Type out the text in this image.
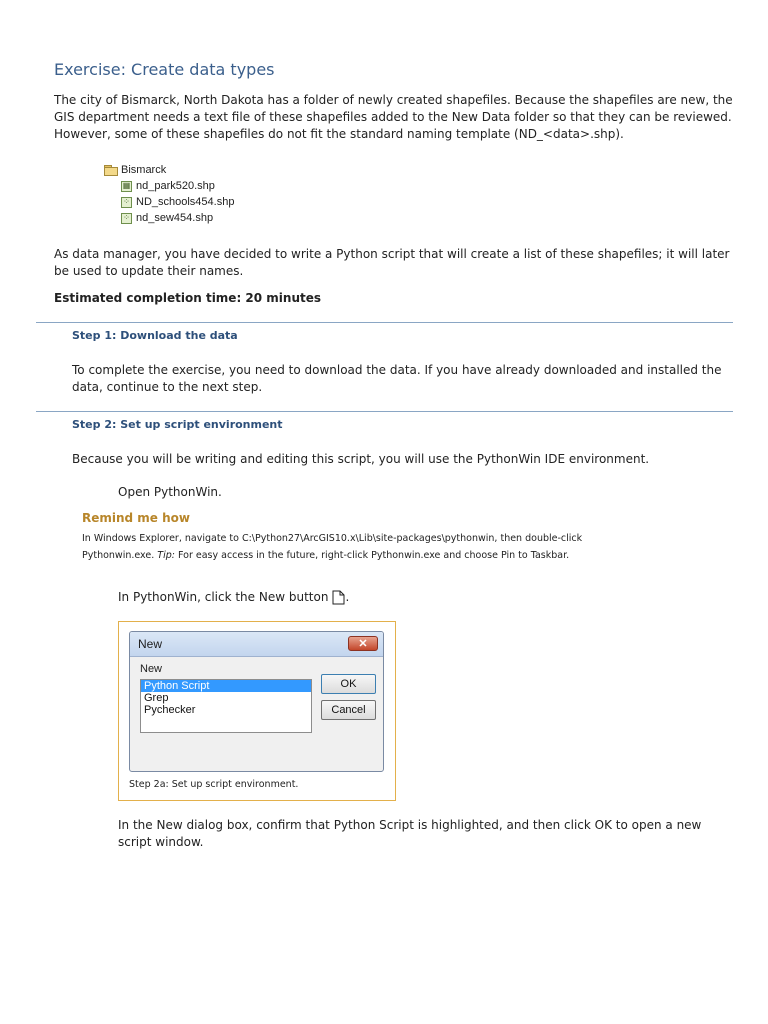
Exercise: Create data types

The city of Bismarck, North Dakota has a folder of newly created shapefiles. Because the shapefiles are new, the GIS department needs a text file of these shapefiles added to the New Data folder so that they can be reviewed. However, some of these shapefiles do not fit the standard naming template (ND_<data>.shp).

Bismarck
▦ nd_park520.shp
⁘ ND_schools454.shp
⁘ nd_sew454.shp

As data manager, you have decided to write a Python script that will create a list of these shapefiles; it will later be used to update their names.

Estimated completion time: 20 minutes

Step 1: Download the data

To complete the exercise, you need to download the data. If you have already downloaded and installed the data, continue to the next step.

Step 2: Set up script environment

Because you will be writing and editing this script, you will use the PythonWin IDE environment.

Open PythonWin.

Remind me how

In Windows Explorer, navigate to C:\Python27\ArcGIS10.x\Lib\site-packages\pythonwin, then double-click
Pythonwin.exe. Tip: For easy access in the future, right-click Pythonwin.exe and choose Pin to Taskbar.

In PythonWin, click the New button .

New	✕
New
Python Script
Grep
Pychecker
OK
Cancel

Step 2a: Set up script environment.

In the New dialog box, confirm that Python Script is highlighted, and then click OK to open a new script window.
